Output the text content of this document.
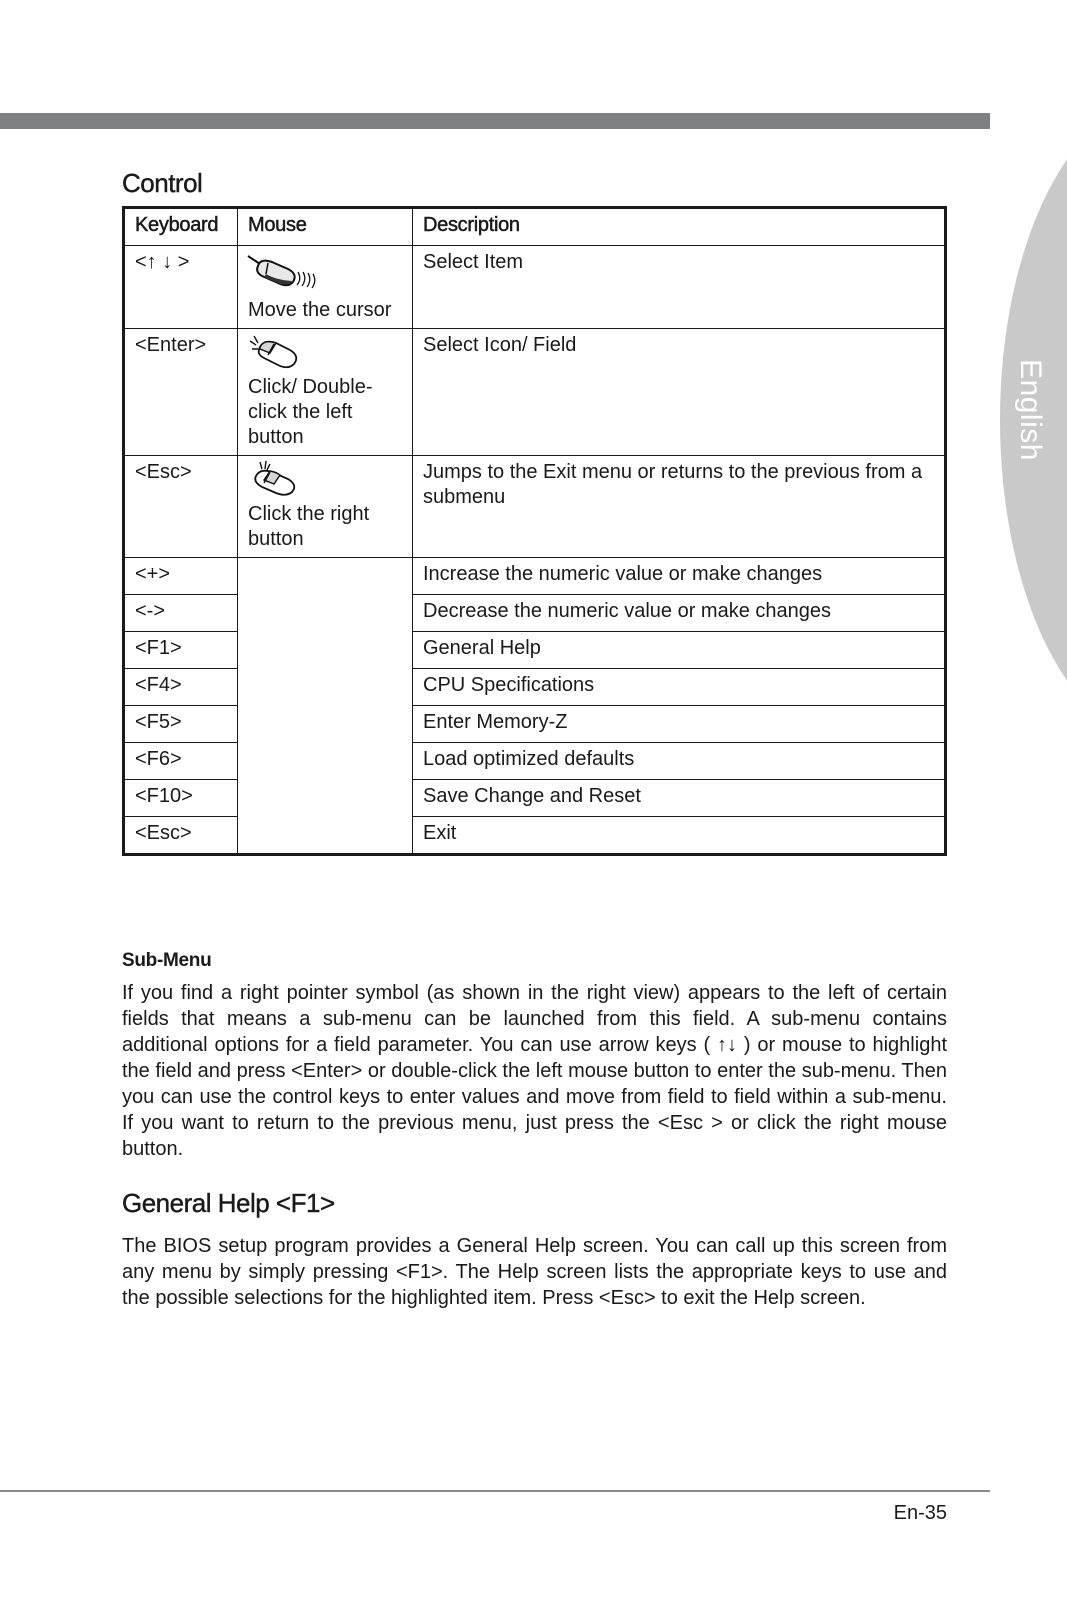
English
Control
Keyboard	Mouse	Description
<↑ ↓ >	Move the cursor	Select Item
<Enter>	Click/ Double-click the left button	Select Icon/ Field
<Esc>	Click the right button	Jumps to the Exit menu or returns to the previous from a submenu
<+>		Increase the numeric value or make changes
<->		Decrease the numeric value or make changes
<F1>		General Help
<F4>		CPU Specifications
<F5>		Enter Memory-Z
<F6>		Load optimized defaults
<F10>		Save Change and Reset
<Esc>		Exit
Sub-Menu

If you find a right pointer symbol (as shown in the right view) appears to the left of certain fields that means a sub-menu can be launched from this field. A sub-menu contains additional options for a field parameter. You can use arrow keys ( ↑↓ ) or mouse to highlight the field and press <Enter> or double-click the left mouse button to enter the sub-menu. Then you can use the control keys to enter values and move from field to field within a sub-menu. If you want to return to the previous menu, just press the <Esc > or click the right mouse button.

General Help <F1>

The BIOS setup program provides a General Help screen. You can call up this screen from any menu by simply pressing <F1>. The Help screen lists the appropriate keys to use and the possible selections for the highlighted item. Press <Esc> to exit the Help screen.

En-35
